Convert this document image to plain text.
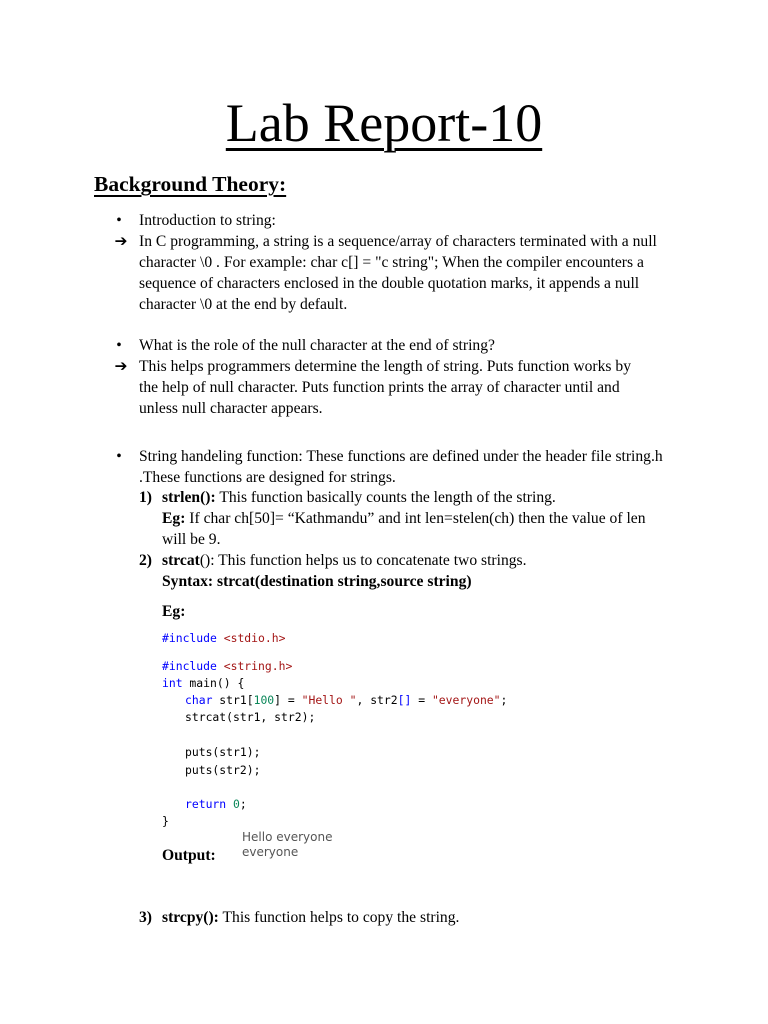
Lab Report-10
Background Theory:
•	Introduction to string:
➔ In C programming, a string is a sequence/array of characters terminated with a null character \0 . For example: char c[] = "c string"; When the compiler encounters a sequence of characters enclosed in the double quotation marks, it appends a null character \0 at the end by default.
•	What is the role of the null character at the end of string?
➔ This helps programmers determine the length of string. Puts function works by the help of null character. Puts function prints the array of character until and unless null character appears.
•	String handeling function: These functions are defined under the header file string.h .These functions are designed for strings.
1) strlen(): This function basically counts the length of the string.
Eg: If char ch[50]= “Kathmandu” and int len=stelen(ch) then the value of len will be 9.
2) strcat(): This function helps us to concatenate two strings.
Syntax: strcat(destination string,source string)
Eg:
#include <stdio.h>
#include <string.h>
int main() {
char str1[100] = "Hello ", str2[] = "everyone";
strcat(str1, str2);
puts(str1);
puts(str2);
return 0;
}
Output:
Hello everyone
everyone
3) strcpy(): This function helps to copy the string.
